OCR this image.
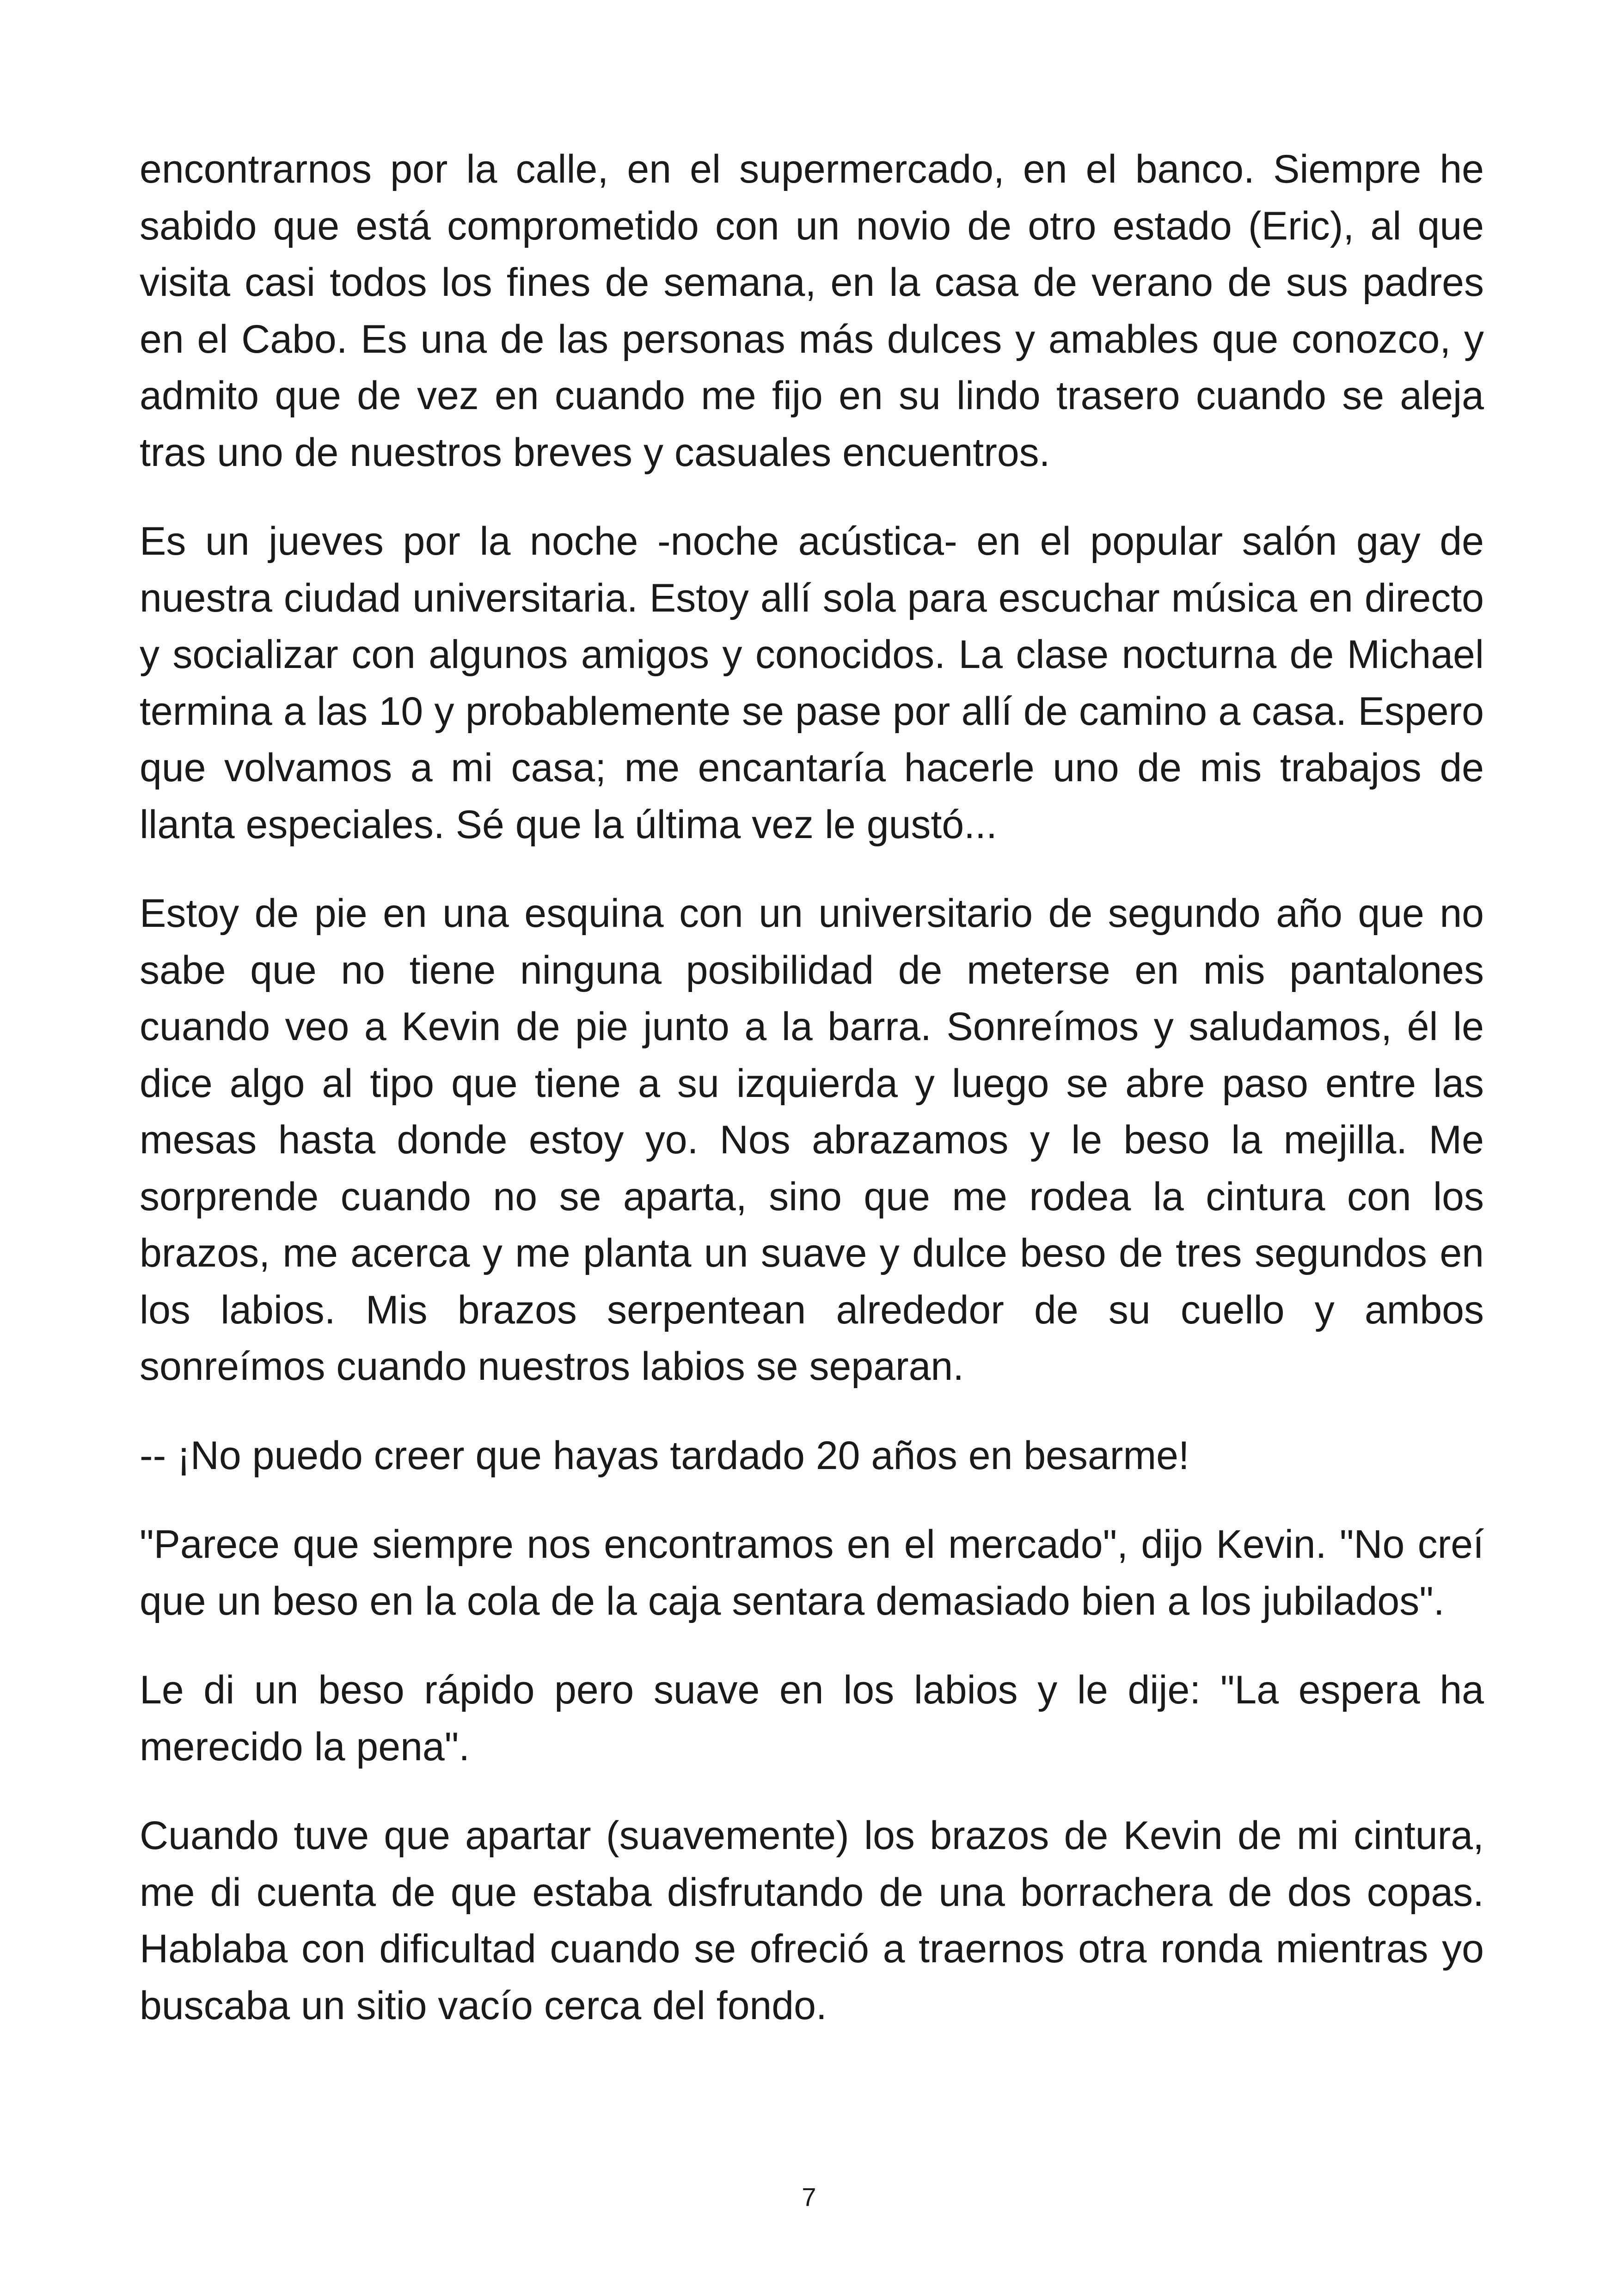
encontrarnos por la calle, en el supermercado, en el banco. Siempre he sabido que está comprometido con un novio de otro estado (Eric), al que visita casi todos los fines de semana, en la casa de verano de sus padres en el Cabo. Es una de las personas más dulces y amables que conozco, y admito que de vez en cuando me fijo en su lindo trasero cuando se aleja tras uno de nuestros breves y casuales encuentros.

Es un jueves por la noche -noche acústica- en el popular salón gay de nuestra ciudad universitaria. Estoy allí sola para escuchar música en directo y socializar con algunos amigos y conocidos. La clase nocturna de Michael termina a las 10 y probablemente se pase por allí de camino a casa. Espero que volvamos a mi casa; me encantaría hacerle uno de mis trabajos de llanta especiales. Sé que la última vez le gustó...

Estoy de pie en una esquina con un universitario de segundo año que no sabe que no tiene ninguna posibilidad de meterse en mis pantalones cuando veo a Kevin de pie junto a la barra. Sonreímos y saludamos, él le dice algo al tipo que tiene a su izquierda y luego se abre paso entre las mesas hasta donde estoy yo. Nos abrazamos y le beso la mejilla. Me sorprende cuando no se aparta, sino que me rodea la cintura con los brazos, me acerca y me planta un suave y dulce beso de tres segundos en los labios. Mis brazos serpentean alrededor de su cuello y ambos sonreímos cuando nuestros labios se separan.

-- ¡No puedo creer que hayas tardado 20 años en besarme!

"Parece que siempre nos encontramos en el mercado", dijo Kevin. "No creí que un beso en la cola de la caja sentara demasiado bien a los jubilados".

Le di un beso rápido pero suave en los labios y le dije: "La espera ha merecido la pena".

Cuando tuve que apartar (suavemente) los brazos de Kevin de mi cintura, me di cuenta de que estaba disfrutando de una borrachera de dos copas. Hablaba con dificultad cuando se ofreció a traernos otra ronda mientras yo buscaba un sitio vacío cerca del fondo.

7
